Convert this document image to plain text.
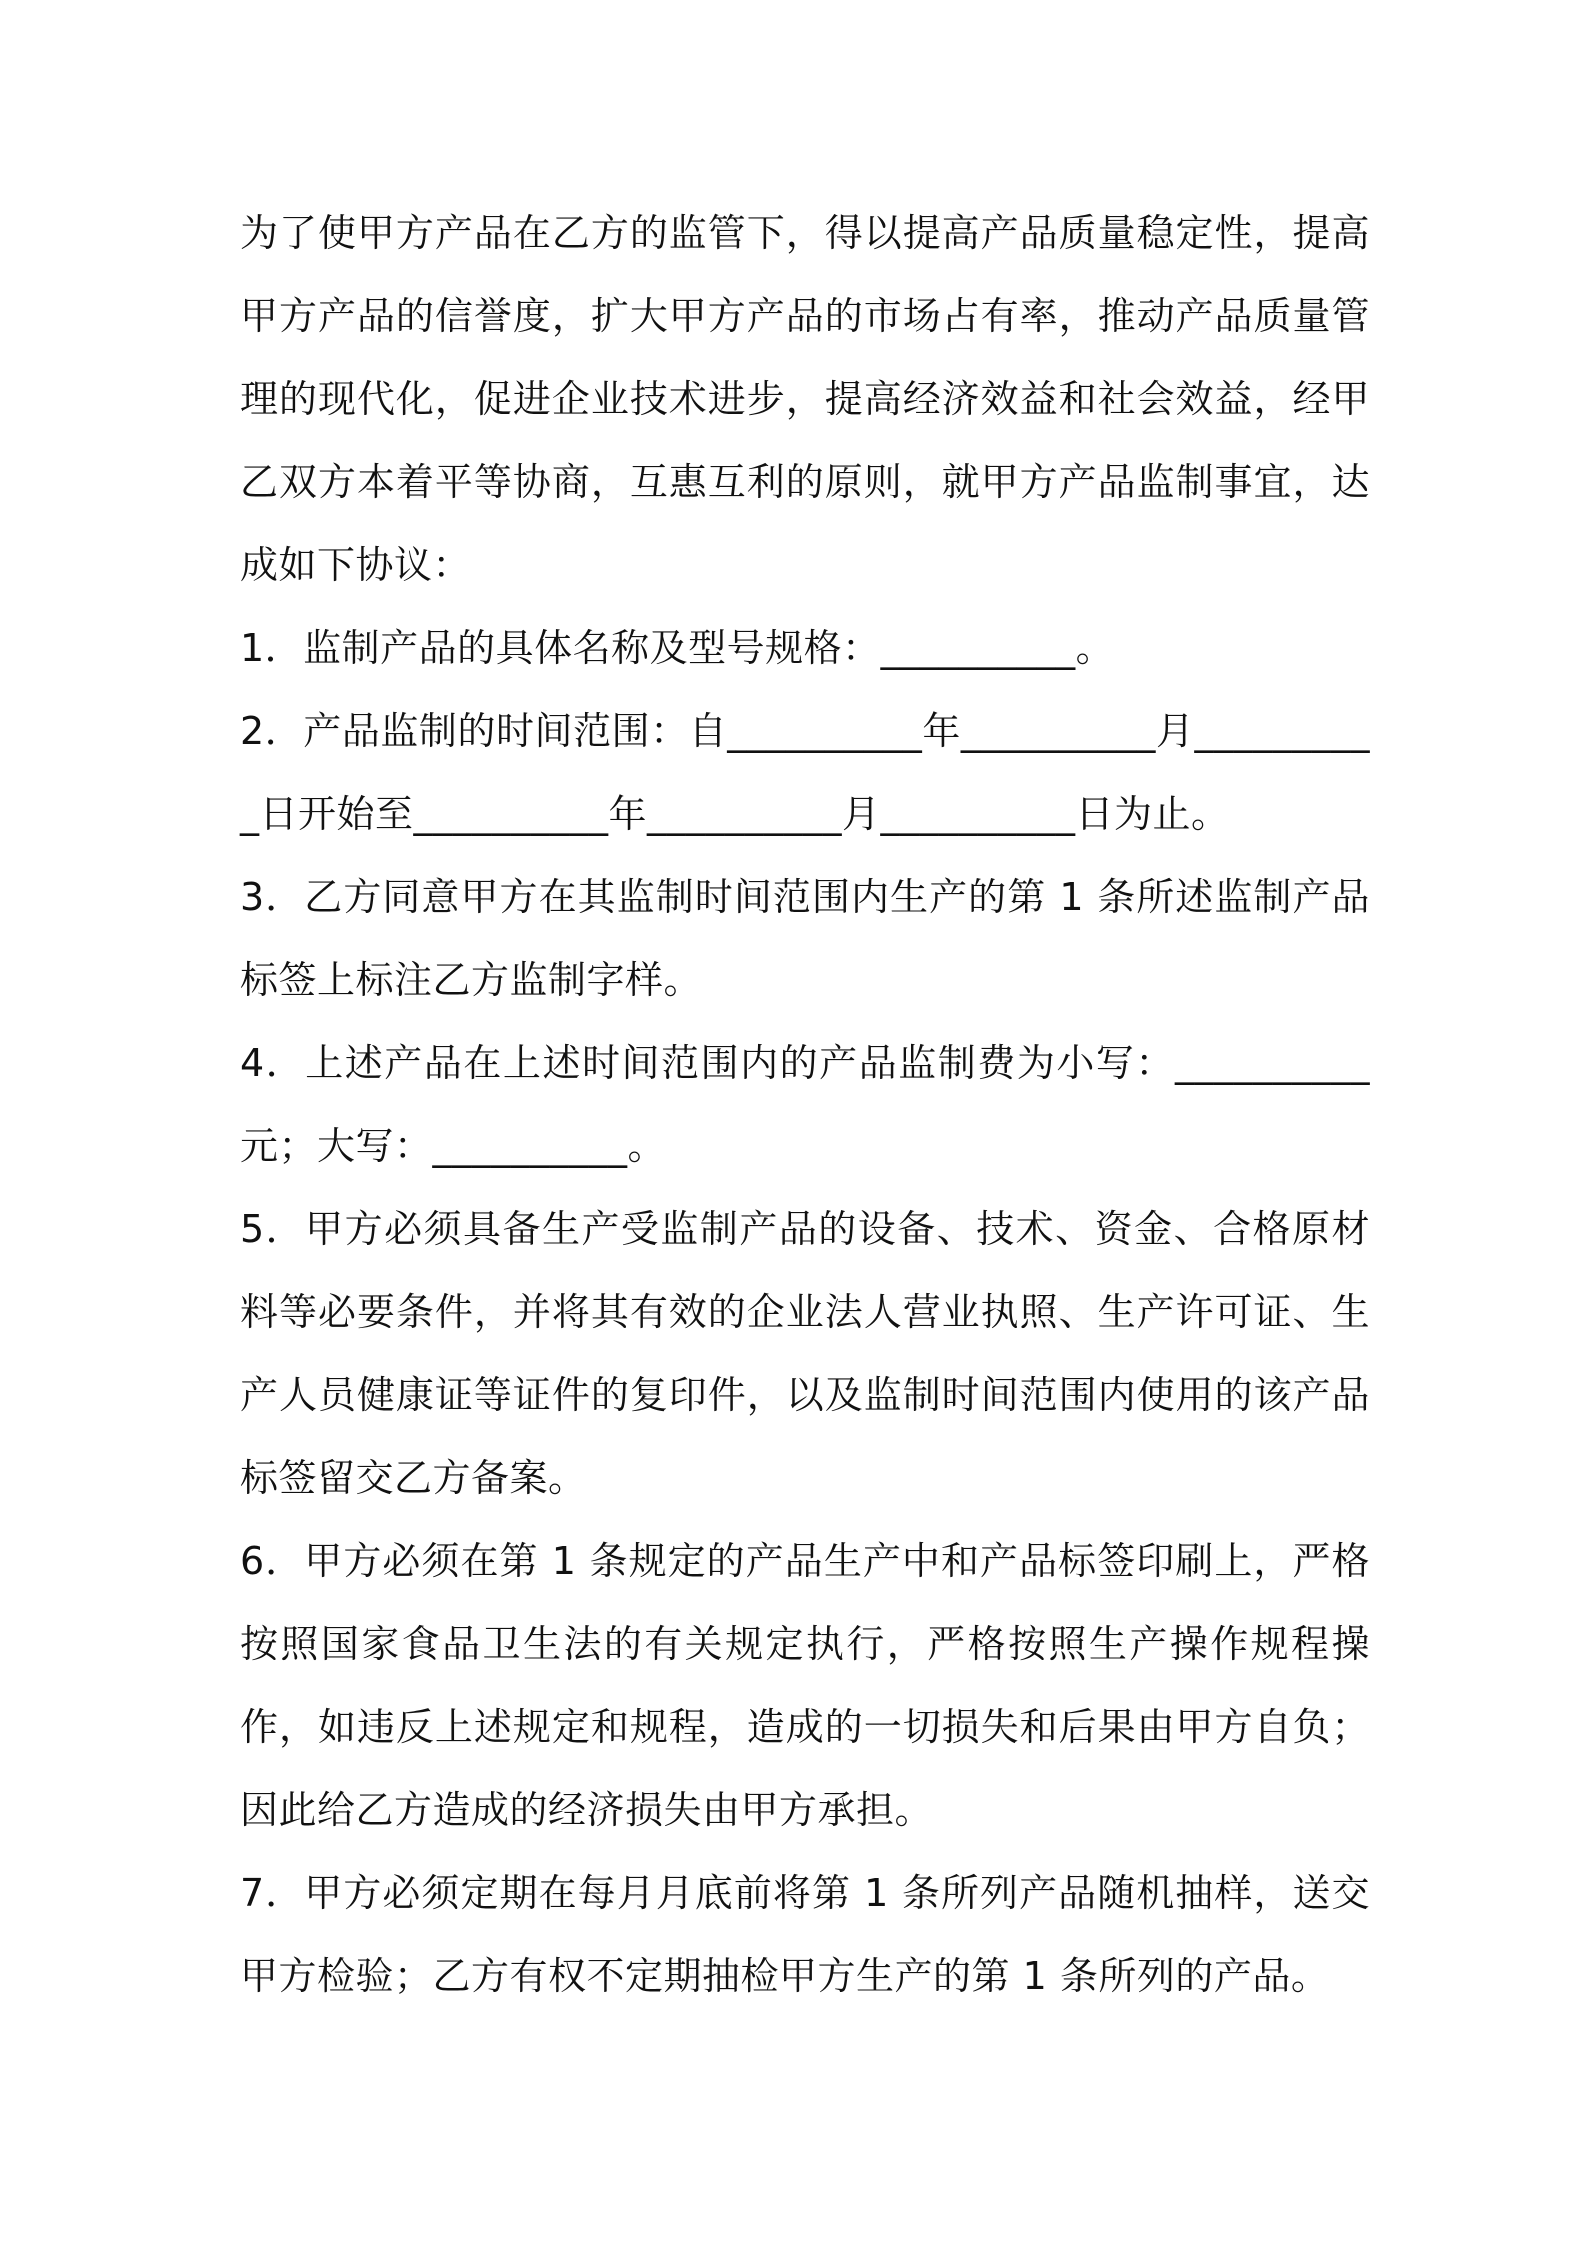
为了使甲方产品在乙方的监管下，得以提高产品质量稳定性，提高甲方产品的信誉度，扩大甲方产品的市场占有率，推动产品质量管理的现代化，促进企业技术进步，提高经济效益和社会效益，经甲乙双方本着平等协商，互惠互利的原则，就甲方产品监制事宜，达成如下协议：

1．监制产品的具体名称及型号规格：__________。

2．产品监制的时间范围：自__________年__________月__________日开始至__________年__________月__________日为止。

3．乙方同意甲方在其监制时间范围内生产的第 1 条所述监制产品标签上标注乙方监制字样。

4．上述产品在上述时间范围内的产品监制费为小写：__________元；大写：__________。

5．甲方必须具备生产受监制产品的设备、技术、资金、合格原材料等必要条件，并将其有效的企业法人营业执照、生产许可证、生产人员健康证等证件的复印件，以及监制时间范围内使用的该产品标签留交乙方备案。

6．甲方必须在第 1 条规定的产品生产中和产品标签印刷上，严格按照国家食品卫生法的有关规定执行，严格按照生产操作规程操作，如违反上述规定和规程，造成的一切损失和后果由甲方自负；因此给乙方造成的经济损失由甲方承担。

7．甲方必须定期在每月月底前将第 1 条所列产品随机抽样，送交甲方检验；乙方有权不定期抽检甲方生产的第 1 条所列的产品。
